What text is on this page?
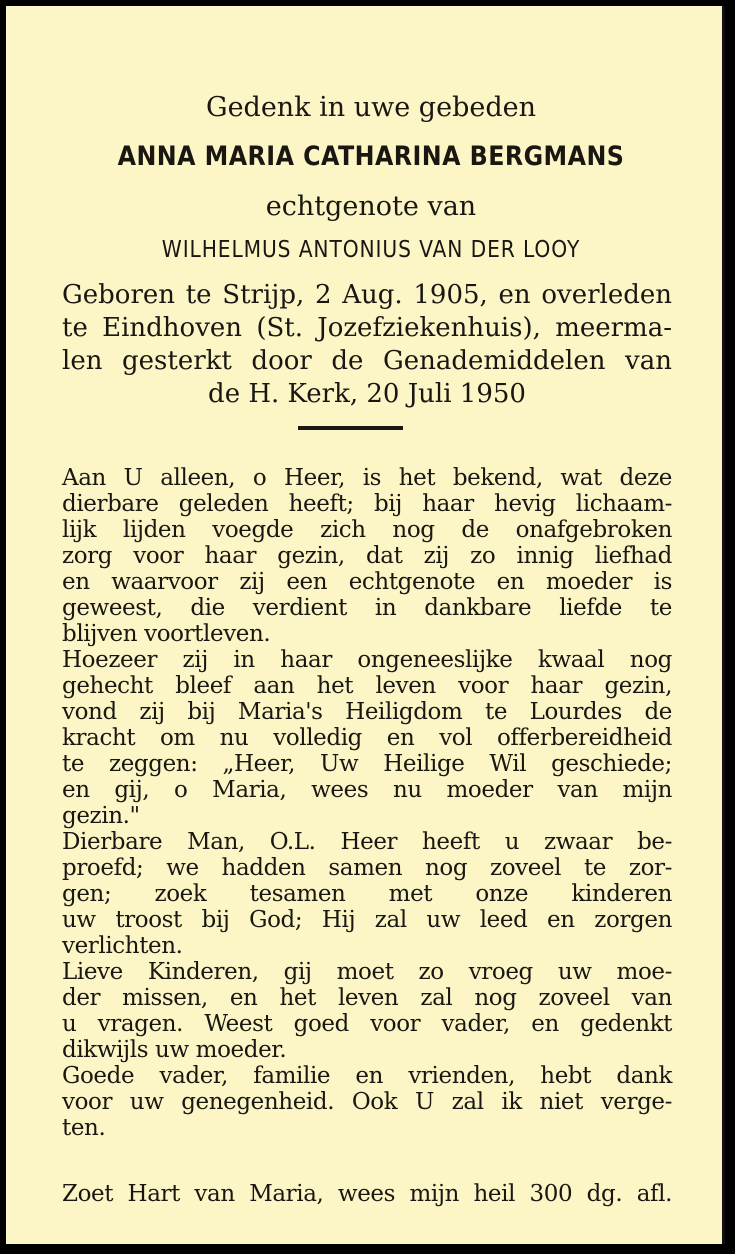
Gedenk in uwe gebeden
ANNA MARIA CATHARINA BERGMANS
echtgenote van
WILHELMUS ANTONIUS VAN DER LOOY
Geboren te Strijp, 2 Aug. 1905, en overleden
te Eindhoven (St. Jozefziekenhuis), meerma-
len gesterkt door de Genademiddelen van
de H. Kerk, 20 Juli 1950
Aan U alleen, o Heer, is het bekend, wat deze
dierbare geleden heeft; bij haar hevig lichaam-
lijk lijden voegde zich nog de onafgebroken
zorg voor haar gezin, dat zij zo innig liefhad
en waarvoor zij een echtgenote en moeder is
geweest, die verdient in dankbare liefde te
blijven voortleven.
Hoezeer zij in haar ongeneeslijke kwaal nog
gehecht bleef aan het leven voor haar gezin,
vond zij bij Maria's Heiligdom te Lourdes de
kracht om nu volledig en vol offerbereidheid
te zeggen: „Heer, Uw Heilige Wil geschiede;
en gij, o Maria, wees nu moeder van mijn
gezin."
Dierbare Man, O.L. Heer heeft u zwaar be-
proefd; we hadden samen nog zoveel te zor-
gen; zoek tesamen met onze kinderen
uw troost bij God; Hij zal uw leed en zorgen
verlichten.
Lieve Kinderen, gij moet zo vroeg uw moe-
der missen, en het leven zal nog zoveel van
u vragen. Weest goed voor vader, en gedenkt
dikwijls uw moeder.
Goede vader, familie en vrienden, hebt dank
voor uw genegenheid. Ook U zal ik niet verge-
ten.
Zoet Hart van Maria, wees mijn heil 300 dg. afl.
